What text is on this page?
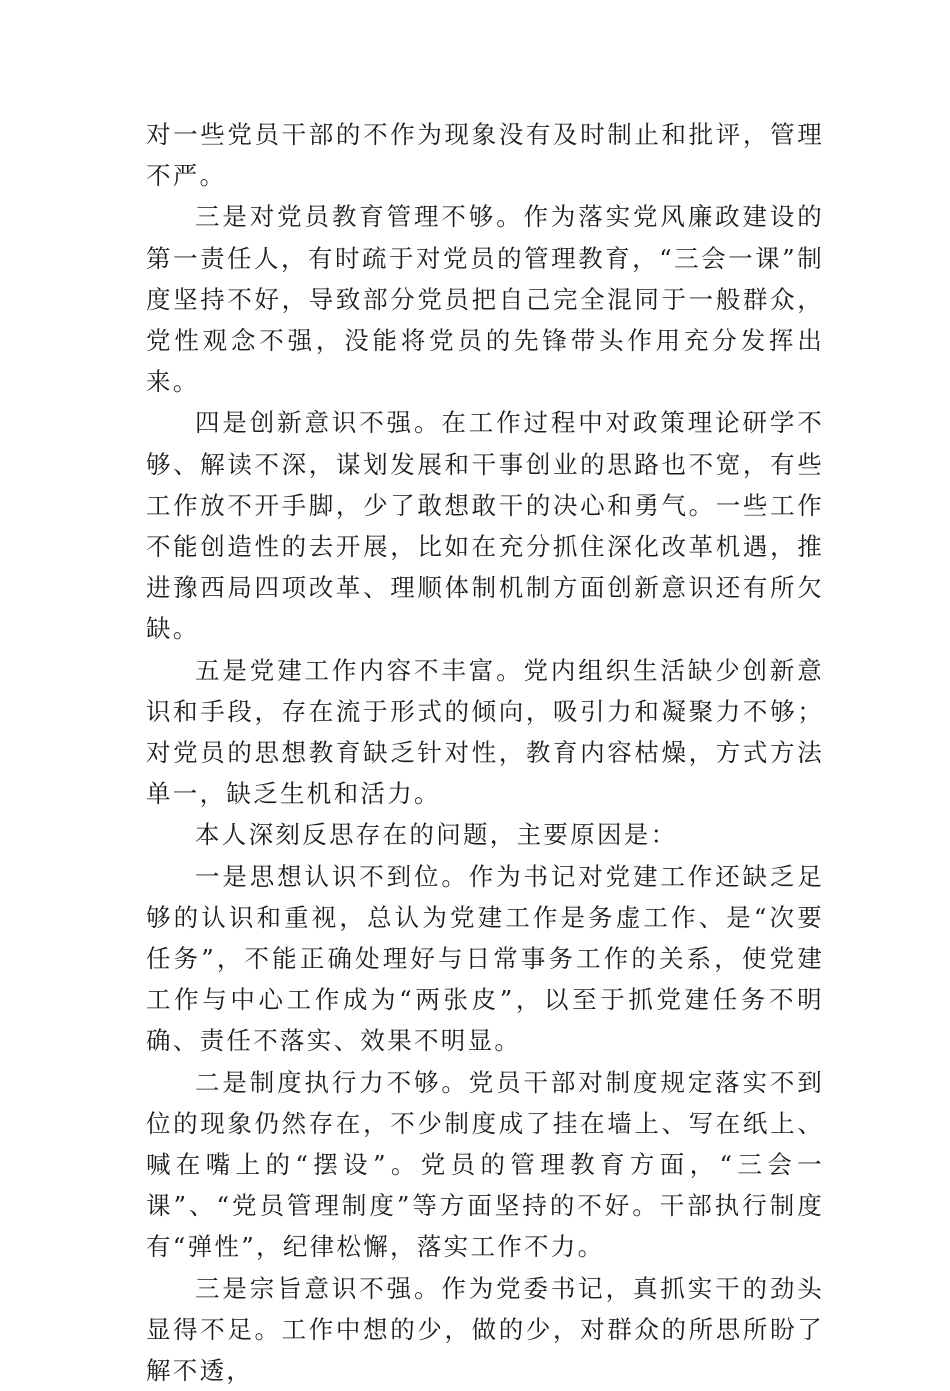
对一些党员干部的不作为现象没有及时制止和批评，管理不严。

三是对党员教育管理不够。作为落实党风廉政建设的第一责任人，有时疏于对党员的管理教育，“三会一课”制度坚持不好，导致部分党员把自己完全混同于一般群众，党性观念不强，没能将党员的先锋带头作用充分发挥出来。

四是创新意识不强。在工作过程中对政策理论研学不够、解读不深，谋划发展和干事创业的思路也不宽，有些工作放不开手脚，少了敢想敢干的决心和勇气。一些工作不能创造性的去开展，比如在充分抓住深化改革机遇，推进豫西局四项改革、理顺体制机制方面创新意识还有所欠缺。

五是党建工作内容不丰富。党内组织生活缺少创新意识和手段，存在流于形式的倾向，吸引力和凝聚力不够；对党员的思想教育缺乏针对性，教育内容枯燥，方式方法单一，缺乏生机和活力。

本人深刻反思存在的问题，主要原因是：

一是思想认识不到位。作为书记对党建工作还缺乏足够的认识和重视，总认为党建工作是务虚工作、是“次要任务”，不能正确处理好与日常事务工作的关系，使党建工作与中心工作成为“两张皮”，以至于抓党建任务不明确、责任不落实、效果不明显。

二是制度执行力不够。党员干部对制度规定落实不到位的现象仍然存在，不少制度成了挂在墙上、写在纸上、喊在嘴上的“摆设”。党员的管理教育方面，“三会一课”、“党员管理制度”等方面坚持的不好。干部执行制度有“弹性”，纪律松懈，落实工作不力。

三是宗旨意识不强。作为党委书记，真抓实干的劲头显得不足。工作中想的少，做的少，对群众的所思所盼了解不透，
